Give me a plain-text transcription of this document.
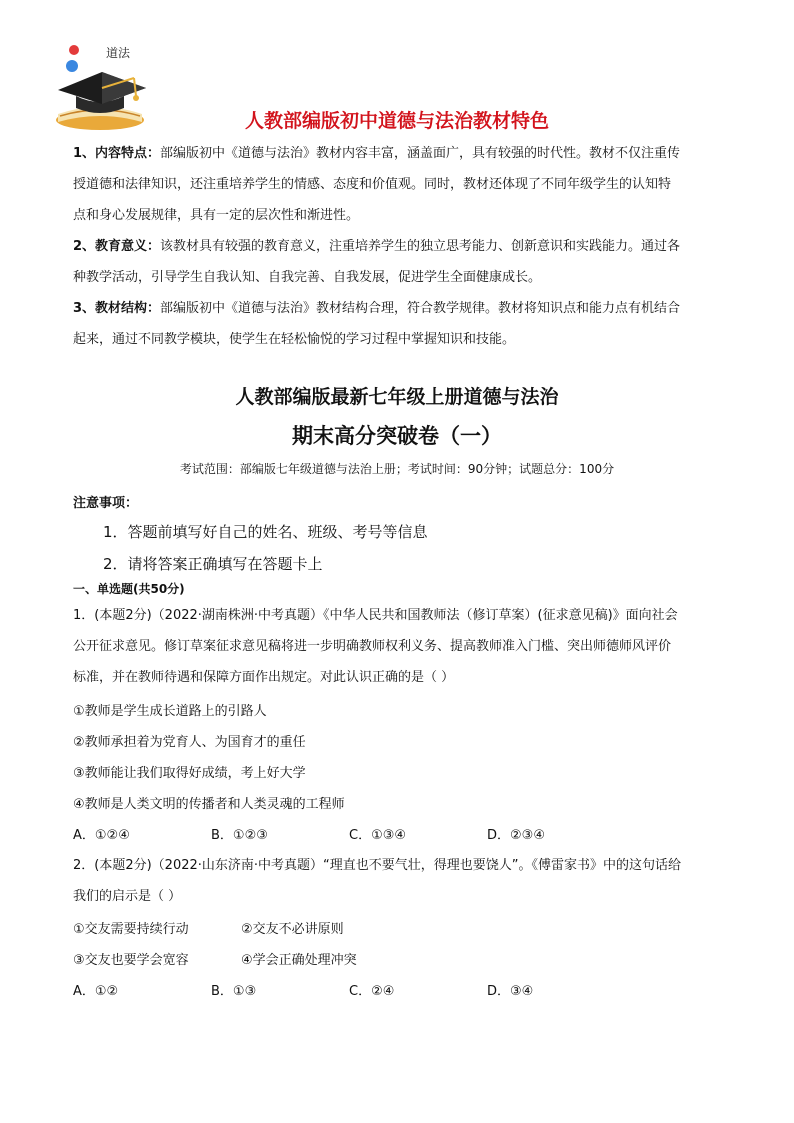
道法
人教部编版初中道德与法治教材特色
1、内容特点：部编版初中《道德与法治》教材内容丰富，涵盖面广，具有较强的时代性。教材不仅注重传
授道德和法律知识，还注重培养学生的情感、态度和价值观。同时，教材还体现了不同年级学生的认知特
点和身心发展规律，具有一定的层次性和渐进性。
2、教育意义：该教材具有较强的教育意义，注重培养学生的独立思考能力、创新意识和实践能力。通过各
种教学活动，引导学生自我认知、自我完善、自我发展，促进学生全面健康成长。
3、教材结构：部编版初中《道德与法治》教材结构合理，符合教学规律。教材将知识点和能力点有机结合
起来，通过不同教学模块，使学生在轻松愉悦的学习过程中掌握知识和技能。
人教部编版最新七年级上册道德与法治
期末高分突破卷（一）
考试范围：部编版七年级道德与法治上册；考试时间：90分钟；试题总分：100分
注意事项：
1．答题前填写好自己的姓名、班级、考号等信息
2．请将答案正确填写在答题卡上
一、单选题(共50分)
1．(本题2分)（2022·湖南株洲·中考真题）《中华人民共和国教师法（修订草案）(征求意见稿)》面向社会
公开征求意见。修订草案征求意见稿将进一步明确教师权利义务、提高教师准入门槛、突出师德师风评价
标准，并在教师待遇和保障方面作出规定。对此认识正确的是（ ）
①教师是学生成长道路上的引路人
②教师承担着为党育人、为国育才的重任
③教师能让我们取得好成绩，考上好大学
④教师是人类文明的传播者和人类灵魂的工程师
A．①②④	B．①②③	C．①③④	D．②③④
2．(本题2分)（2022·山东济南·中考真题）“理直也不要气壮，得理也要饶人”。《傅雷家书》中的这句话给
我们的启示是（ ）
①交友需要持续行动	②交友不必讲原则
③交友也要学会宽容	④学会正确处理冲突
A．①②	B．①③	C．②④	D．③④
